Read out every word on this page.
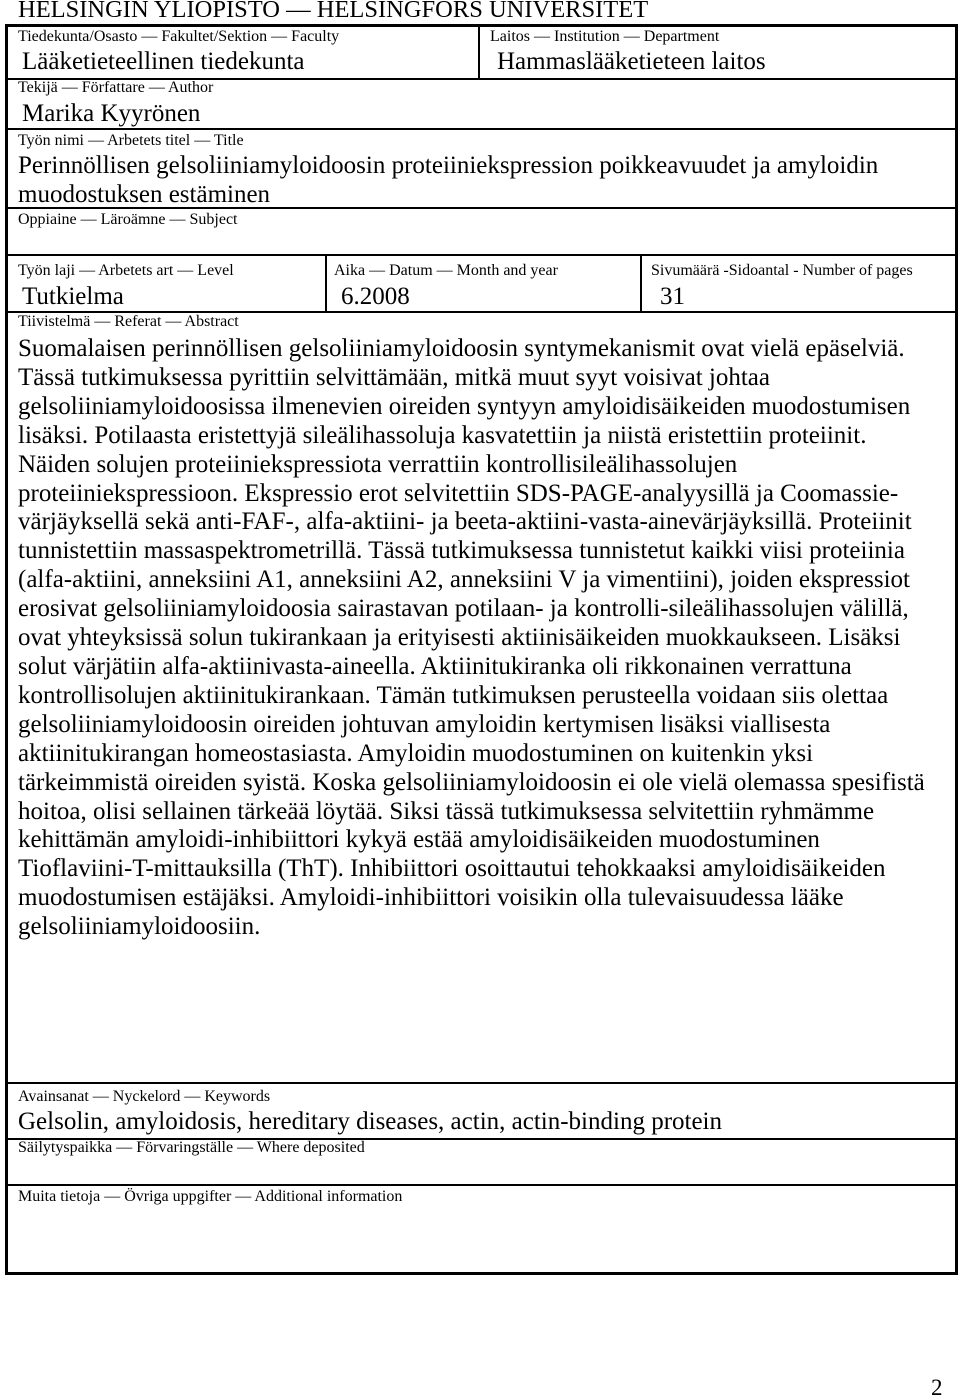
HELSINGIN YLIOPISTO — HELSINGFORS UNIVERSITET
Tiedekunta/Osasto — Fakultet/Sektion — Faculty
Lääketieteellinen tiedekunta
Laitos — Institution — Department
Hammaslääketieteen laitos
Tekijä — Författare — Author
Marika Kyyrönen
Työn nimi — Arbetets titel — Title
Perinnöllisen gelsoliiniamyloidoosin proteiiniekspression poikkeavuudet ja amyloidin
muodostuksen estäminen
Oppiaine — Läroämne — Subject
Työn laji — Arbetets art — Level
Tutkielma
Aika — Datum — Month and year
6.2008
Sivumäärä -Sidoantal - Number of pages
31
Tiivistelmä — Referat — Abstract
Suomalaisen perinnöllisen gelsoliiniamyloidoosin syntymekanismit ovat vielä epäselviä.
Tässä tutkimuksessa pyrittiin selvittämään, mitkä muut syyt voisivat johtaa
gelsoliiniamyloidoosissa ilmenevien oireiden syntyyn amyloidisäikeiden muodostumisen
lisäksi. Potilaasta eristettyjä sileälihassoluja kasvatettiin ja niistä eristettiin proteiinit.
Näiden solujen proteiiniekspressiota verrattiin kontrollisileälihassolujen
proteiiniekspressioon. Ekspressio erot selvitettiin SDS-PAGE-analyysillä ja Coomassie-
värjäyksellä sekä anti-FAF-, alfa-aktiini- ja beeta-aktiini-vasta-ainevärjäyksillä. Proteiinit
tunnistettiin massaspektrometrillä. Tässä tutkimuksessa tunnistetut kaikki viisi proteiinia
(alfa-aktiini, anneksiini A1, anneksiini A2, anneksiini V ja vimentiini), joiden ekspressiot
erosivat gelsoliiniamyloidoosia sairastavan potilaan- ja kontrolli-sileälihassolujen välillä,
ovat yhteyksissä solun tukirankaan ja erityisesti aktiinisäikeiden muokkaukseen. Lisäksi
solut värjätiin alfa-aktiinivasta-aineella. Aktiinitukiranka oli rikkonainen verrattuna
kontrollisolujen aktiinitukirankaan. Tämän tutkimuksen perusteella voidaan siis olettaa
gelsoliiniamyloidoosin oireiden johtuvan amyloidin kertymisen lisäksi viallisesta
aktiinitukirangan homeostasiasta. Amyloidin muodostuminen on kuitenkin yksi
tärkeimmistä oireiden syistä. Koska gelsoliiniamyloidoosin ei ole vielä olemassa spesifistä
hoitoa, olisi sellainen tärkeää löytää. Siksi tässä tutkimuksessa selvitettiin ryhmämme
kehittämän amyloidi-inhibiittori kykyä estää amyloidisäikeiden muodostuminen
Tioflaviini-T-mittauksilla (ThT). Inhibiittori osoittautui tehokkaaksi amyloidisäikeiden
muodostumisen estäjäksi. Amyloidi-inhibiittori voisikin olla tulevaisuudessa lääke
gelsoliiniamyloidoosiin.
Avainsanat — Nyckelord — Keywords
Gelsolin, amyloidosis, hereditary diseases, actin, actin-binding protein
Säilytyspaikka — Förvaringställe — Where deposited
Muita tietoja — Övriga uppgifter — Additional information
2
